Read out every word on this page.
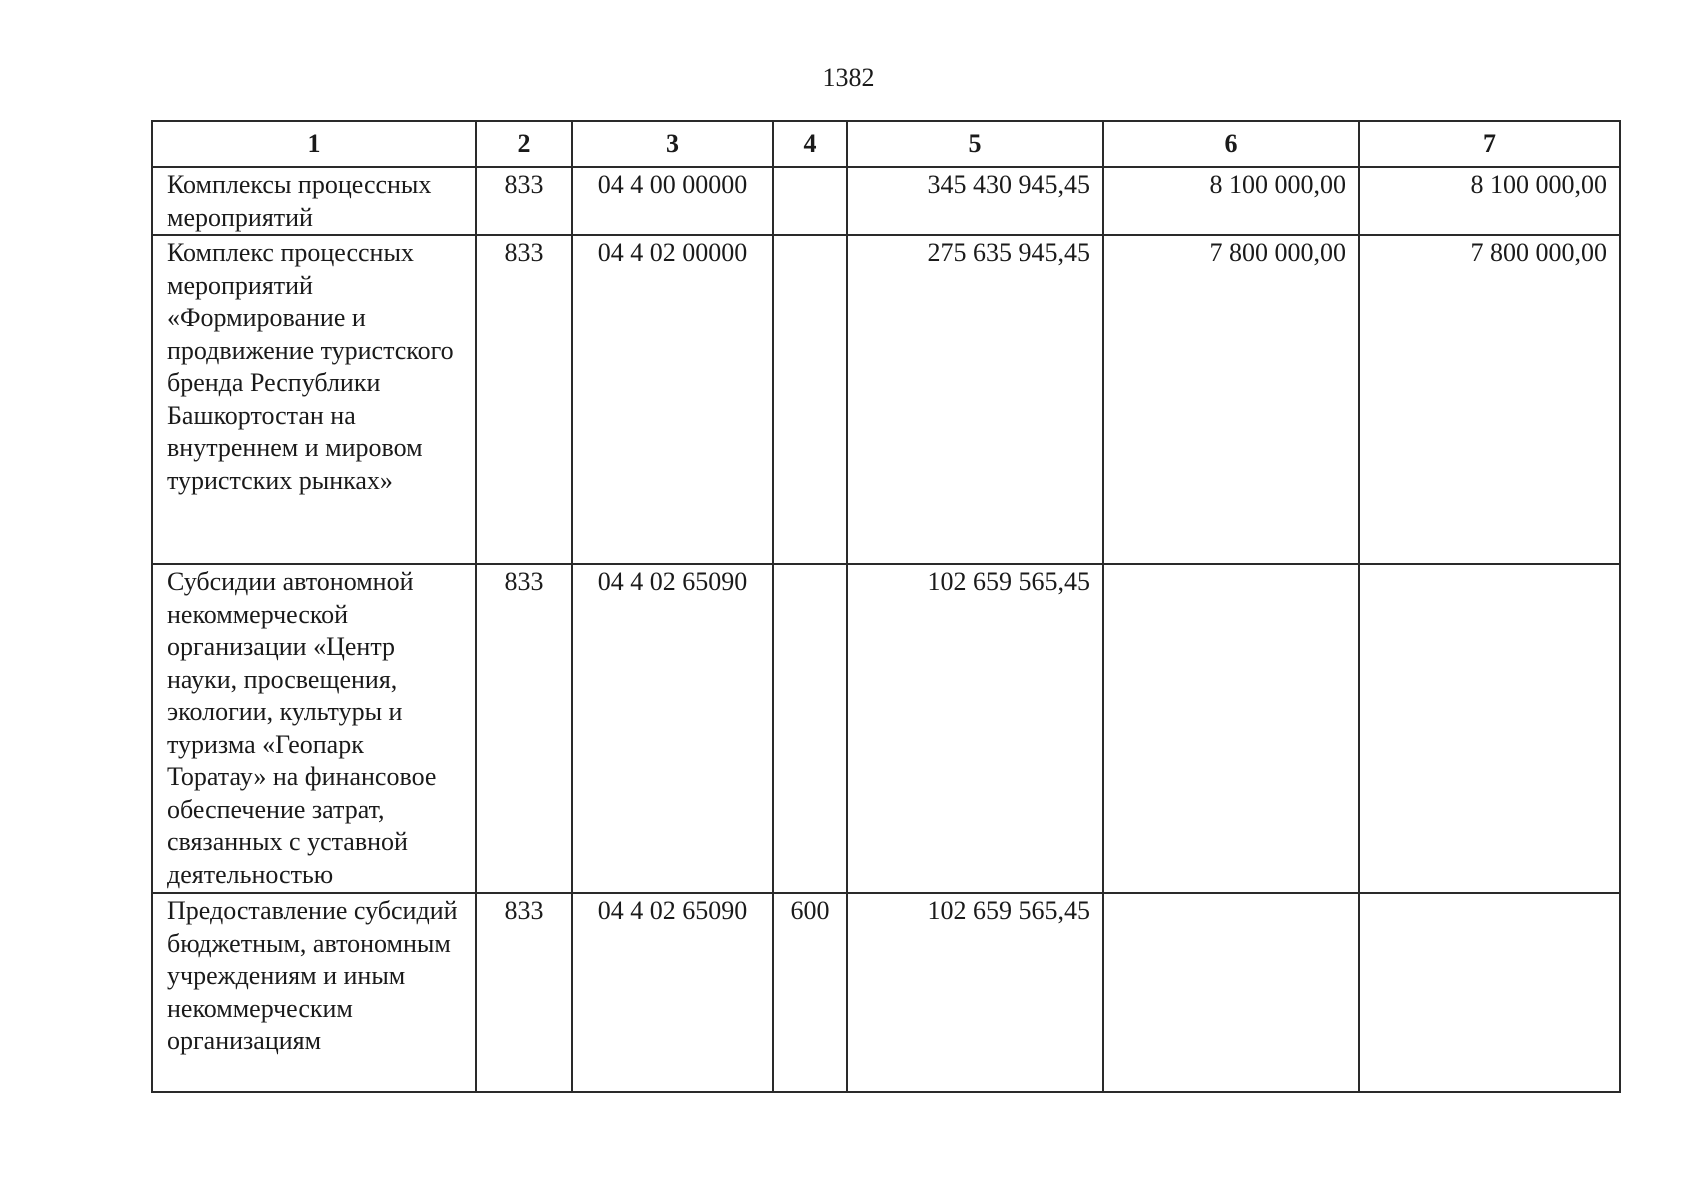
1382
1	2	3	4	5	6	7
Комплексы процессных мероприятий	833	04 4 00 00000		345 430 945,45	8 100 000,00	8 100 000,00
Комплекс процессных мероприятий «Формирование и продвижение туристского бренда Республики Башкортостан на внутреннем и мировом туристских рынках»	833	04 4 02 00000		275 635 945,45	7 800 000,00	7 800 000,00
Субсидии автономной некоммерческой организации «Центр науки, просвещения, экологии, культуры и туризма «Геопарк Торатау» на финансовое обеспечение затрат, связанных с уставной деятельностью	833	04 4 02 65090		102 659 565,45		
Предоставление субсидий бюджетным, автономным учреждениям и иным некоммерческим организациям	833	04 4 02 65090	600	102 659 565,45		
